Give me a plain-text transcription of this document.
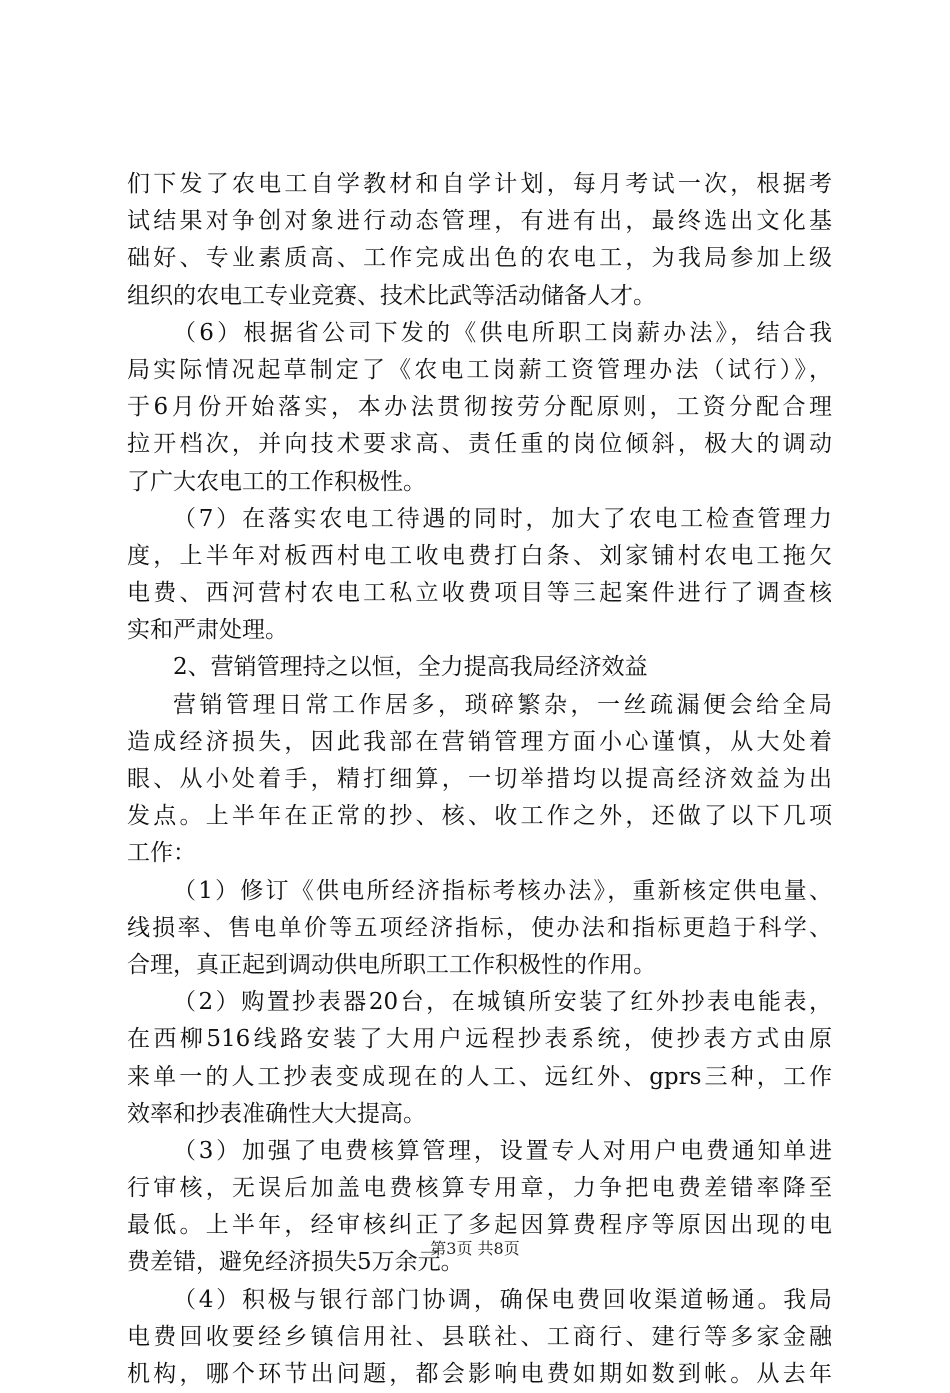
们下发了农电工自学教材和自学计划，每月考试一次，根据考
试结果对争创对象进行动态管理，有进有出，最终选出文化基
础好、专业素质高、工作完成出色的农电工，为我局参加上级
组织的农电工专业竞赛、技术比武等活动储备人才。
（6）根据省公司下发的《供电所职工岗薪办法》，结合我
局实际情况起草制定了《农电工岗薪工资管理办法（试行）》，
于6月份开始落实，本办法贯彻按劳分配原则，工资分配合理
拉开档次，并向技术要求高、责任重的岗位倾斜，极大的调动
了广大农电工的工作积极性。
（7）在落实农电工待遇的同时，加大了农电工检查管理力
度，上半年对板西村电工收电费打白条、刘家铺村农电工拖欠
电费、西河营村农电工私立收费项目等三起案件进行了调查核
实和严肃处理。
2、营销管理持之以恒，全力提高我局经济效益
营销管理日常工作居多，琐碎繁杂，一丝疏漏便会给全局
造成经济损失，因此我部在营销管理方面小心谨慎，从大处着
眼、从小处着手，精打细算，一切举措均以提高经济效益为出
发点。上半年在正常的抄、核、收工作之外，还做了以下几项
工作：
（1）修订《供电所经济指标考核办法》，重新核定供电量、
线损率、售电单价等五项经济指标，使办法和指标更趋于科学、
合理，真正起到调动供电所职工工作积极性的作用。
（2）购置抄表器20台，在城镇所安装了红外抄表电能表，
在西柳516线路安装了大用户远程抄表系统，使抄表方式由原
来单一的人工抄表变成现在的人工、远红外、gprs三种，工作
效率和抄表准确性大大提高。
（3）加强了电费核算管理，设置专人对用户电费通知单进
行审核，无误后加盖电费核算专用章，力争把电费差错率降至
最低。上半年，经审核纠正了多起因算费程序等原因出现的电
费差错，避免经济损失5万余元。
（4）积极与银行部门协调，确保电费回收渠道畅通。我局
电费回收要经乡镇信用社、县联社、工商行、建行等多家金融
机构，哪个环节出问题，都会影响电费如期如数到帐。从去年
第3页 共8页
